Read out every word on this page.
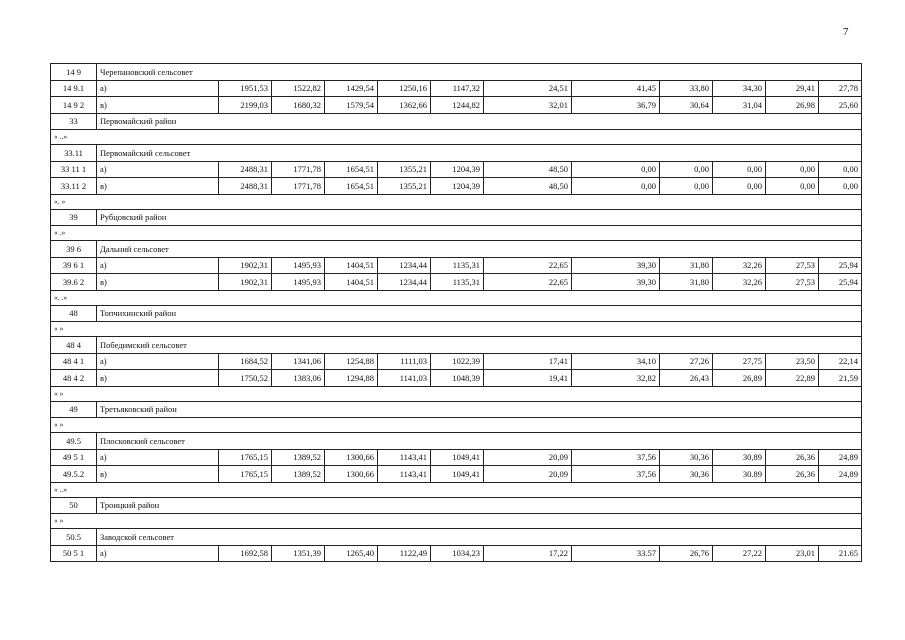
7
14 9	Черепановский сельсовет											
14 9.1	а)	1951,53	1522,82	1429,54	1250,16	1147,32	24,51	41,45	33,80	34,30	29,41	27,78
14 9 2	в)	2199,03	1680,32	1579,54	1362,66	1244,82	32,01	36,79	30,64	31,04	26,98	25,60
33	Первомайский район											
« ..»												
33.11	Первомайский сельсовет											
33 11 1	а)	2488,31	1771,78	1654,51	1355,21	1204,39	48,50	0,00	0,00	0,00	0,00	0,00
33.11 2	в)	2488,31	1771,78	1654,51	1355,21	1204,39	48,50	0,00	0,00	0,00	0,00	0,00
«. »												
39	Рубцовский район											
« .»												
39 6	Дальний сельсовет											
39 6 1	а)	1902,31	1495,93	1404,51	1234,44	1135,31	22,65	39,30	31,80	32,26	27,53	25,94
39.6 2	в)	1902,31	1495,93	1404,51	1234,44	1135,31	22,65	39,30	31,80	32,26	27,53	25,94
«. .»												
48	Топчихинский район											
« »												
48 4	Победимский сельсовет											
48 4 1	а)	1684,52	1341,06	1254,88	1111,03	1022,39	17,41	34,10	27,26	27,75	23,50	22,14
48 4 2	в)	1750,52	1383,06	1294,88	1141,03	1048,39	19,41	32,82	26,43	26,89	22,89	21,59
« »												
49	Третьяковский район											
« »												
49.5	Плосковский сельсовет											
49 5 1	а)	1765,15	1389,52	1300,66	1143,41	1049,41	20,09	37,56	30,36	30,89	26,36	24,89
49.5.2	в)	1765,15	1389,52	1300,66	1143,41	1049,41	20,09	37,56	30,36	30.89	26,36	24,89
« ..»												
50	Троицкий район											
« »												
50.5	Заводской сельсовет											
50 5 1	а)	1692,58	1351,39	1265,40	1122,49	1034,23	17,22	33.57	26,76	27,22	23,01	21.65
